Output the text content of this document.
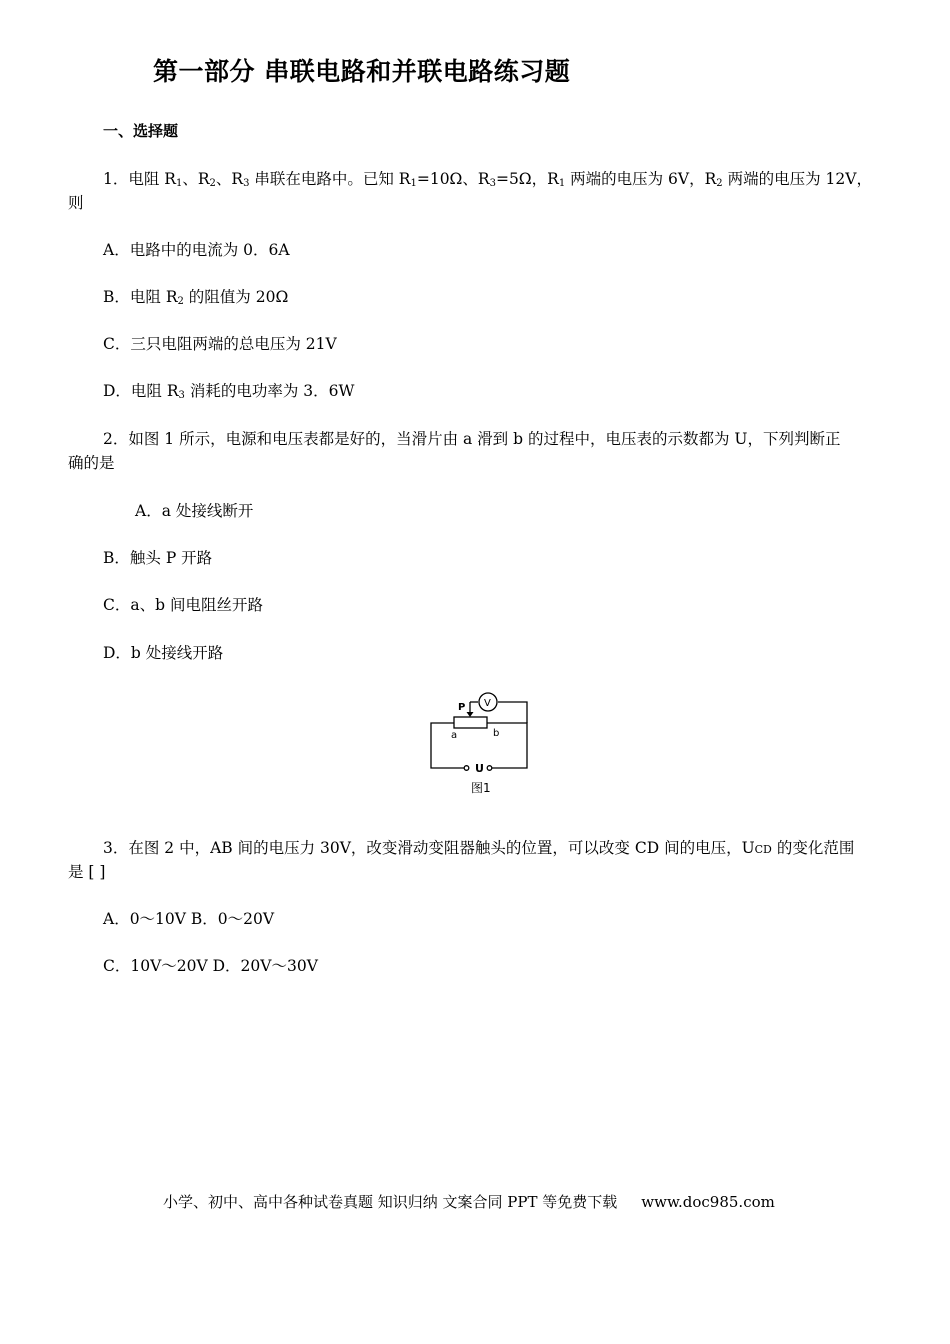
第一部分 串联电路和并联电路练习题
一、选择题
1．电阻 $R_1$、$R_2$、$R_3$ 串联在电路中。已知 $R_1=10\Omega$、$R_3=5\Omega$，$R_1$ 两端的电压为 6V，$R_2$ 两端的电压为 12V，
则
A．电路中的电流为 0．6A
B．电阻 $R_2$ 的阻值为 20Ω
C．三只电阻两端的总电压为 21V
D．电阻 $R_3$ 消耗的电功率为 3．6W
2．如图 1 所示，电源和电压表都是好的，当滑片由 a 滑到 b 的过程中，电压表的示数都为 U，下列判断正
确的是
A．a 处接线断开
B．触头 P 开路
C．a、b 间电阻丝开路
D．b 处接线开路
P V
a	b
U
图1
3．在图 2 中，AB 间的电压力 30V，改变滑动变阻器触头的位置，可以改变 CD 间的电压，UCD 的变化范围
是 [ ]
A．0～10V B．0～20V
C．10V～20V D．20V～30V
小学、初中、高中各种试卷真题 知识归纳 文案合同 PPT 等免费下载 www.doc985.com
